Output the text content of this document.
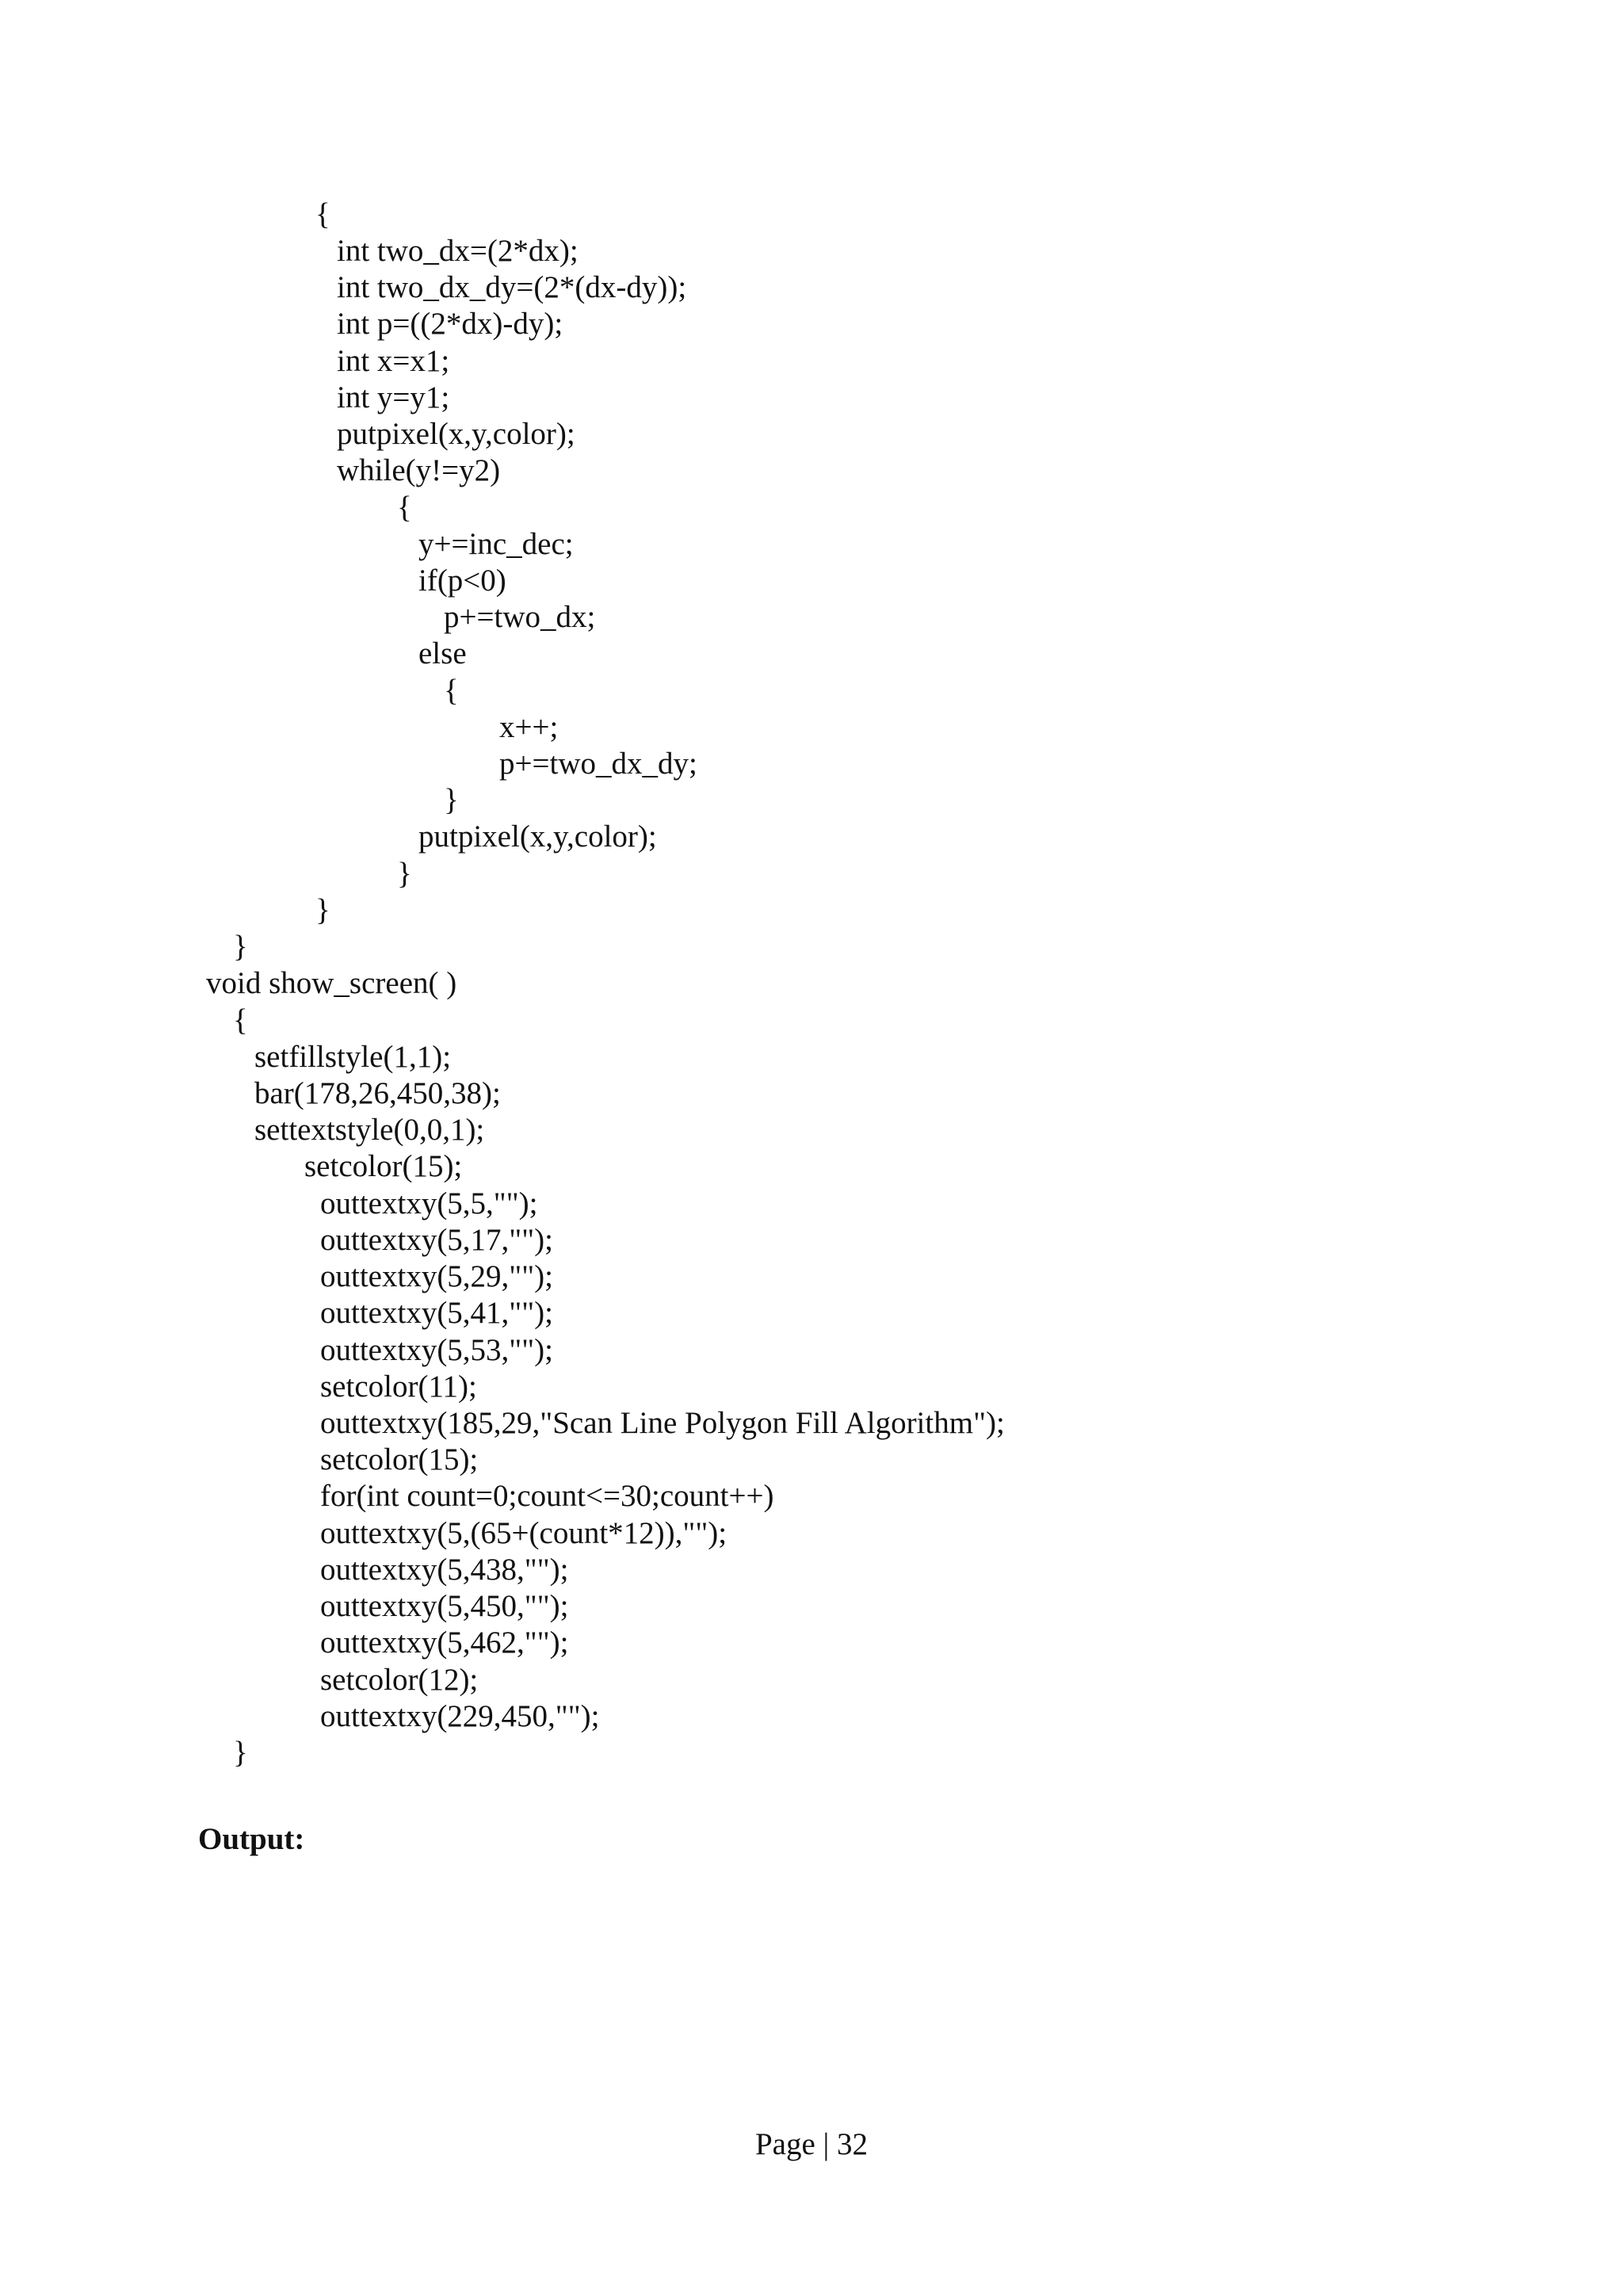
{
int two_dx=(2*dx);
int two_dx_dy=(2*(dx-dy));
int p=((2*dx)-dy);
int x=x1;
int y=y1;
putpixel(x,y,color);
while(y!=y2)
{
y+=inc_dec;
if(p<0)
p+=two_dx;
else
{
x++;
p+=two_dx_dy;
}
putpixel(x,y,color);
}
}
}
void show_screen( )
{
setfillstyle(1,1);
bar(178,26,450,38);
settextstyle(0,0,1);
setcolor(15);
outtextxy(5,5,"");
outtextxy(5,17,"");
outtextxy(5,29,"");
outtextxy(5,41,"");
outtextxy(5,53,"");
setcolor(11);
outtextxy(185,29,"Scan Line Polygon Fill Algorithm");
setcolor(15);
for(int count=0;count<=30;count++)
outtextxy(5,(65+(count*12)),"");
outtextxy(5,438,"");
outtextxy(5,450,"");
outtextxy(5,462,"");
setcolor(12);
outtextxy(229,450,"");
}
Output:
Page | 32
